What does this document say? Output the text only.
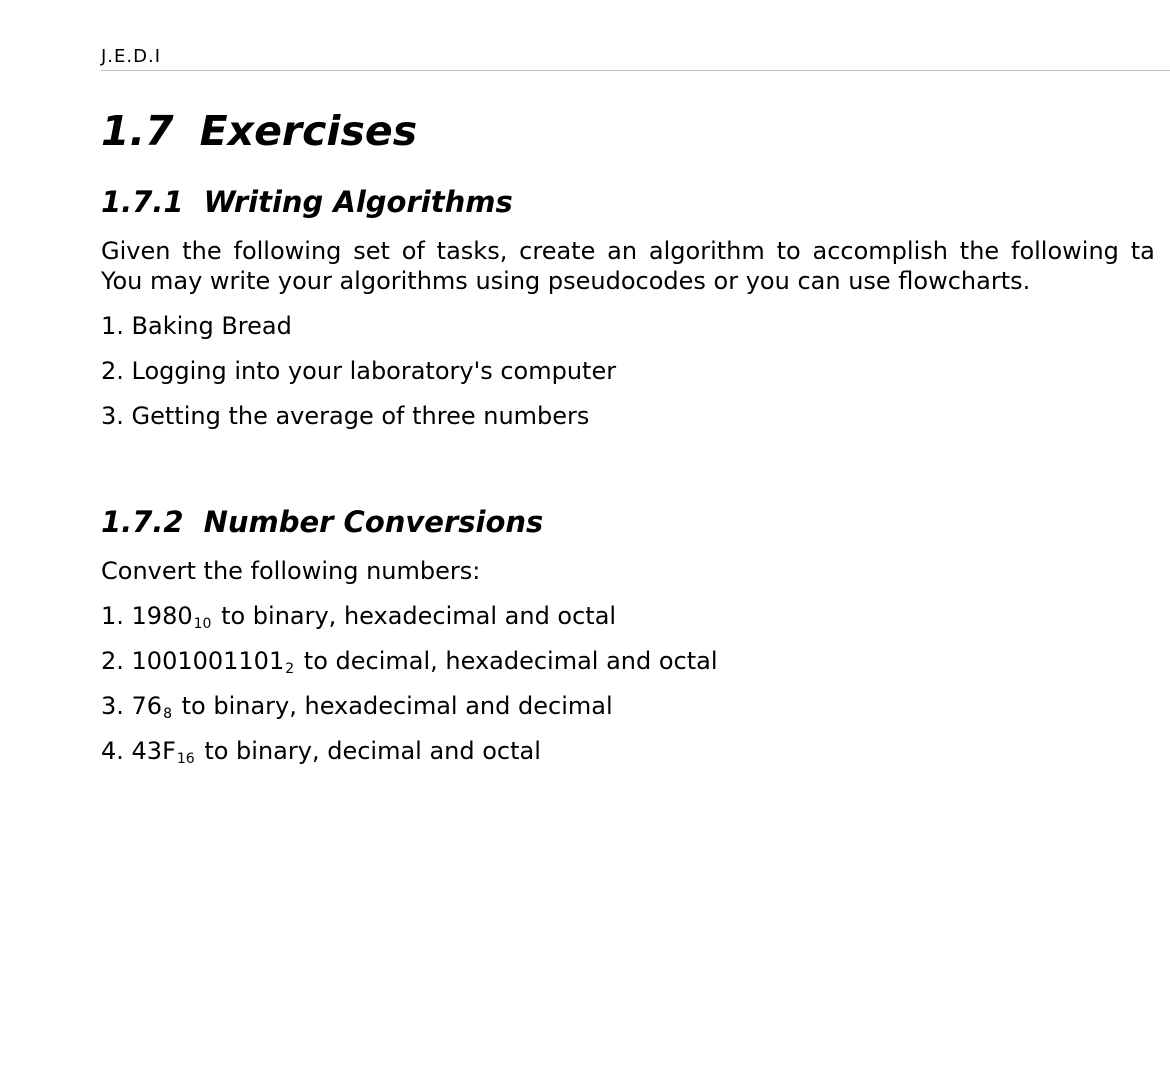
J.E.D.I
1.7 Exercises
1.7.1 Writing Algorithms

Given the following set of tasks, create an algorithm to accomplish the following ta
You may write your algorithms using pseudocodes or you can use flowcharts.

1. Baking Bread

2. Logging into your laboratory's computer

3. Getting the average of three numbers

1.7.2 Number Conversions

Convert the following numbers:

1. $1980_{10}$ to binary, hexadecimal and octal

2. $1001001101_2$ to decimal, hexadecimal and octal

3. $76_8$ to binary, hexadecimal and decimal

4. $43F_{16}$ to binary, decimal and octal
